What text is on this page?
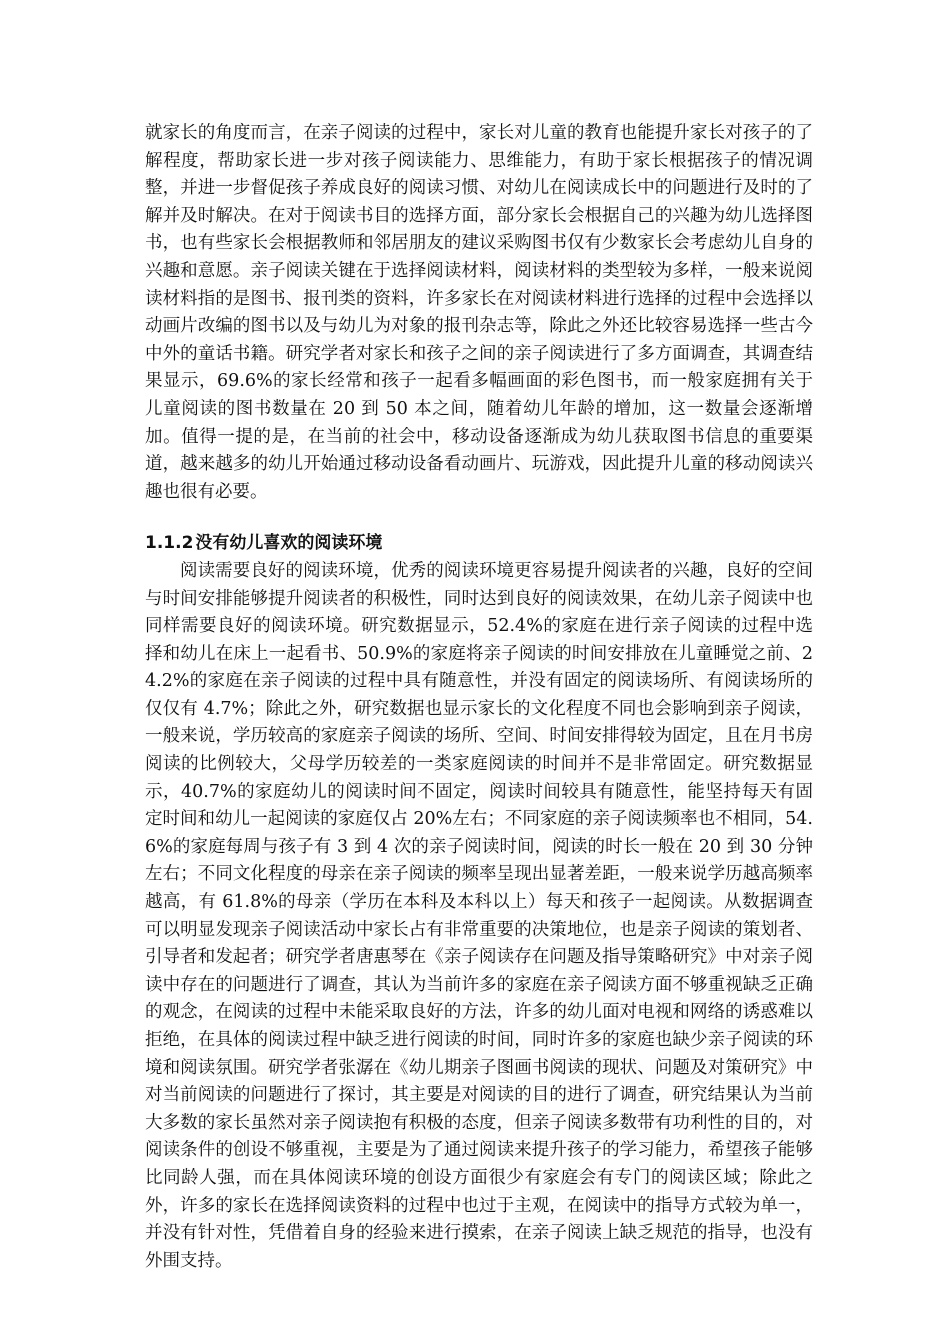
就家长的角度而言，在亲子阅读的过程中，家长对儿童的教育也能提升家长对孩子的了解程度，帮助家长进一步对孩子阅读能力、思维能力，有助于家长根据孩子的情况调整，并进一步督促孩子养成良好的阅读习惯、对幼儿在阅读成长中的问题进行及时的了解并及时解决。在对于阅读书目的选择方面，部分家长会根据自己的兴趣为幼儿选择图书，也有些家长会根据教师和邻居朋友的建议采购图书仅有少数家长会考虑幼儿自身的兴趣和意愿。亲子阅读关键在于选择阅读材料，阅读材料的类型较为多样，一般来说阅读材料指的是图书、报刊类的资料，许多家长在对阅读材料进行选择的过程中会选择以动画片改编的图书以及与幼儿为对象的报刊杂志等，除此之外还比较容易选择一些古今中外的童话书籍。研究学者对家长和孩子之间的亲子阅读进行了多方面调查，其调查结果显示，69.6%的家长经常和孩子一起看多幅画面的彩色图书，而一般家庭拥有关于儿童阅读的图书数量在 20 到 50 本之间，随着幼儿年龄的增加，这一数量会逐渐增加。值得一提的是，在当前的社会中，移动设备逐渐成为幼儿获取图书信息的重要渠道，越来越多的幼儿开始通过移动设备看动画片、玩游戏，因此提升儿童的移动阅读兴趣也很有必要。

1.1.2 没有幼儿喜欢的阅读环境

阅读需要良好的阅读环境，优秀的阅读环境更容易提升阅读者的兴趣，良好的空间与时间安排能够提升阅读者的积极性，同时达到良好的阅读效果，在幼儿亲子阅读中也同样需要良好的阅读环境。研究数据显示，52.4%的家庭在进行亲子阅读的过程中选择和幼儿在床上一起看书、50.9%的家庭将亲子阅读的时间安排放在儿童睡觉之前、24.2%的家庭在亲子阅读的过程中具有随意性，并没有固定的阅读场所、有阅读场所的仅仅有 4.7%；除此之外，研究数据也显示家长的文化程度不同也会影响到亲子阅读，一般来说，学历较高的家庭亲子阅读的场所、空间、时间安排得较为固定，且在月书房阅读的比例较大，父母学历较差的一类家庭阅读的时间并不是非常固定。研究数据显示，40.7%的家庭幼儿的阅读时间不固定，阅读时间较具有随意性，能坚持每天有固定时间和幼儿一起阅读的家庭仅占 20%左右；不同家庭的亲子阅读频率也不相同，54.6%的家庭每周与孩子有 3 到 4 次的亲子阅读时间，阅读的时长一般在 20 到 30 分钟左右；不同文化程度的母亲在亲子阅读的频率呈现出显著差距，一般来说学历越高频率越高，有 61.8%的母亲（学历在本科及本科以上）每天和孩子一起阅读。从数据调查可以明显发现亲子阅读活动中家长占有非常重要的决策地位，也是亲子阅读的策划者、引导者和发起者；研究学者唐惠琴在《亲子阅读存在问题及指导策略研究》中对亲子阅读中存在的问题进行了调查，其认为当前许多的家庭在亲子阅读方面不够重视缺乏正确的观念，在阅读的过程中未能采取良好的方法，许多的幼儿面对电视和网络的诱惑难以拒绝，在具体的阅读过程中缺乏进行阅读的时间，同时许多的家庭也缺少亲子阅读的环境和阅读氛围。研究学者张潺在《幼儿期亲子图画书阅读的现状、问题及对策研究》中对当前阅读的问题进行了探讨，其主要是对阅读的目的进行了调查，研究结果认为当前大多数的家长虽然对亲子阅读抱有积极的态度，但亲子阅读多数带有功利性的目的，对阅读条件的创设不够重视，主要是为了通过阅读来提升孩子的学习能力，希望孩子能够比同龄人强，而在具体阅读环境的创设方面很少有家庭会有专门的阅读区域；除此之外，许多的家长在选择阅读资料的过程中也过于主观，在阅读中的指导方式较为单一，并没有针对性，凭借着自身的经验来进行摸索，在亲子阅读上缺乏规范的指导，也没有外围支持。
